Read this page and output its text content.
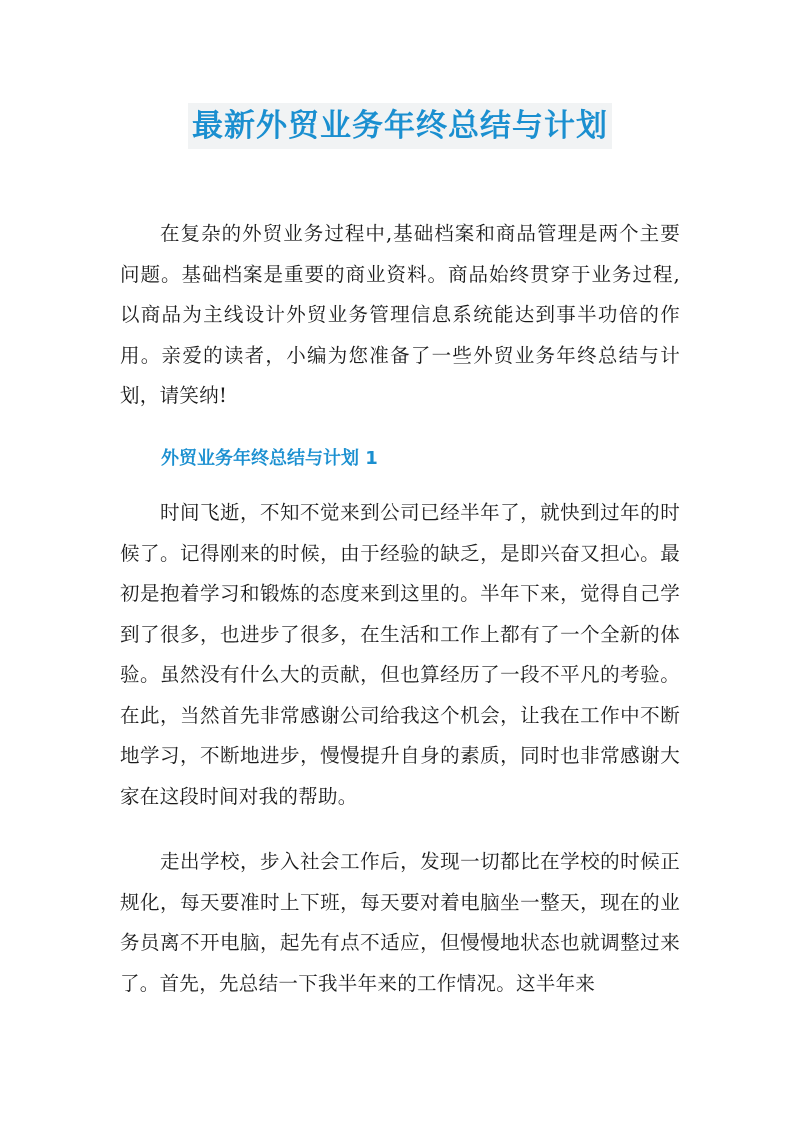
最新外贸业务年终总结与计划

在复杂的外贸业务过程中,基础档案和商品管理是两个主要问题。基础档案是重要的商业资料。商品始终贯穿于业务过程,以商品为主线设计外贸业务管理信息系统能达到事半功倍的作用。亲爱的读者，小编为您准备了一些外贸业务年终总结与计划，请笑纳!

外贸业务年终总结与计划 1

时间飞逝，不知不觉来到公司已经半年了，就快到过年的时候了。记得刚来的时候，由于经验的缺乏，是即兴奋又担心。最初是抱着学习和锻炼的态度来到这里的。半年下来，觉得自己学到了很多，也进步了很多，在生活和工作上都有了一个全新的体验。虽然没有什么大的贡献，但也算经历了一段不平凡的考验。在此，当然首先非常感谢公司给我这个机会，让我在工作中不断地学习，不断地进步，慢慢提升自身的素质，同时也非常感谢大家在这段时间对我的帮助。

走出学校，步入社会工作后，发现一切都比在学校的时候正规化，每天要准时上下班，每天要对着电脑坐一整天，现在的业务员离不开电脑，起先有点不适应，但慢慢地状态也就调整过来了。首先，先总结一下我半年来的工作情况。这半年来
